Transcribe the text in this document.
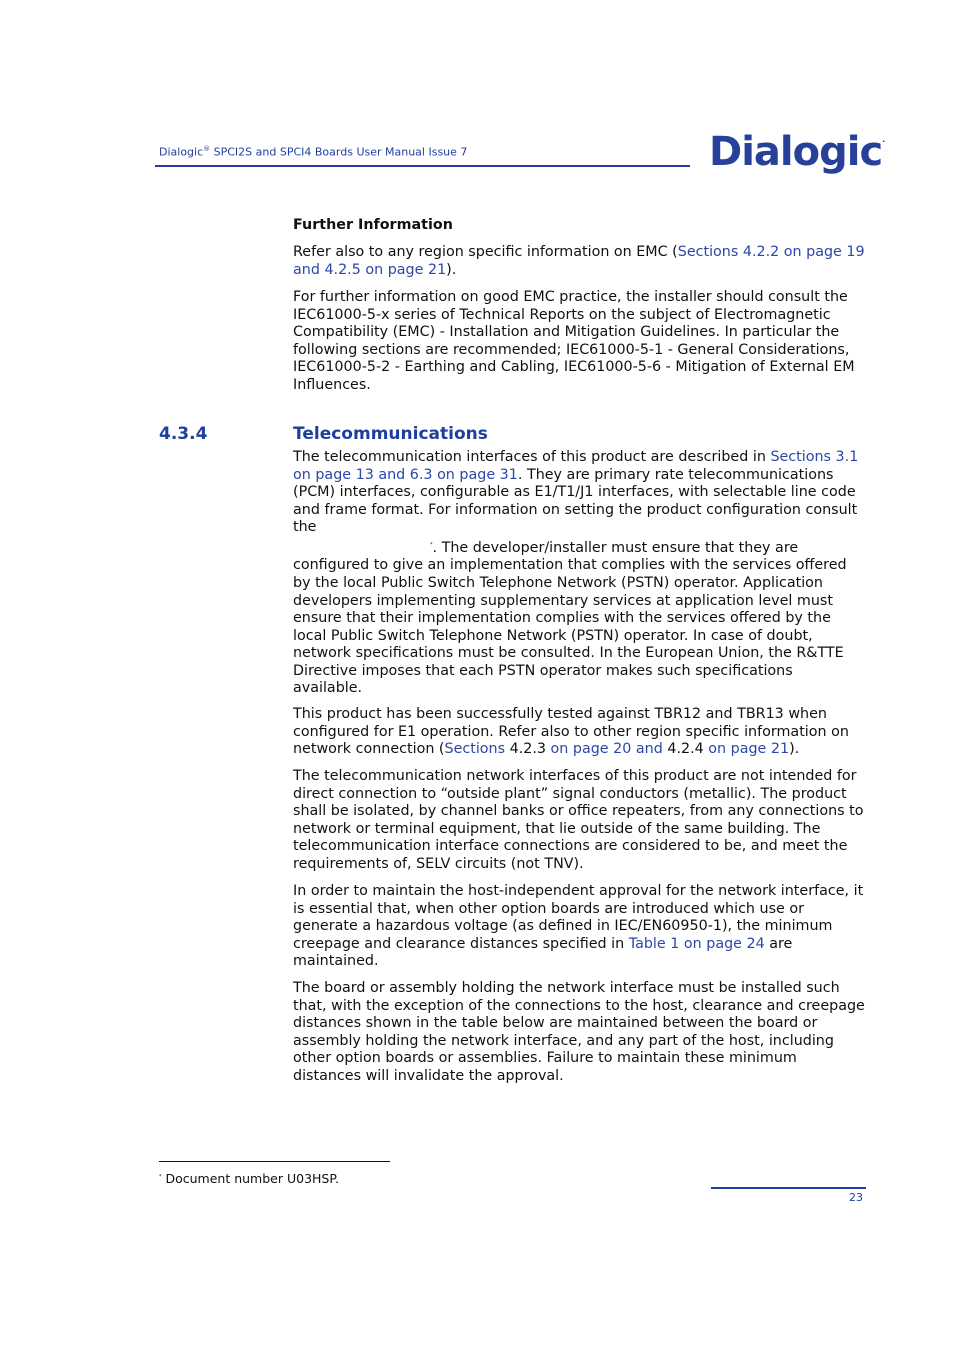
Dialogic® SPCI2S and SPCI4 Boards User Manual Issue 7	Dialogic.
Further Information

Refer also to any region specific information on EMC (Sections 4.2.2 on page 19 and 4.2.5 on page 21).

For further information on good EMC practice, the installer should consult the IEC61000-5-x series of Technical Reports on the subject of Electromagnetic Compatibility (EMC) - Installation and Mitigation Guidelines. In particular the following sections are recommended; IEC61000-5-1 - General Considerations, IEC61000-5-2 - Earthing and Cabling, IEC61000-5-6 - Mitigation of External EM Influences.

4.3.4	Telecommunications

The telecommunication interfaces of this product are described in Sections 3.1 on page 13 and 6.3 on page 31. They are primary rate telecommunications (PCM) interfaces, configurable as E1/T1/J1 interfaces, with selectable line code and frame format. For information on setting the product configuration consult the
*. The developer/installer must ensure that they are configured to give an implementation that complies with the services offered by the local Public Switch Telephone Network (PSTN) operator. Application developers implementing supplementary services at application level must ensure that their implementation complies with the services offered by the local Public Switch Telephone Network (PSTN) operator. In case of doubt, network specifications must be consulted. In the European Union, the R&TTE Directive imposes that each PSTN operator makes such specifications available.

This product has been successfully tested against TBR12 and TBR13 when configured for E1 operation. Refer also to other region specific information on network connection (Sections 4.2.3 on page 20 and 4.2.4 on page 21).

The telecommunication network interfaces of this product are not intended for direct connection to “outside plant” signal conductors (metallic). The product shall be isolated, by channel banks or office repeaters, from any connections to network or terminal equipment, that lie outside of the same building. The telecommunication interface connections are considered to be, and meet the requirements of, SELV circuits (not TNV).

In order to maintain the host-independent approval for the network interface, it is essential that, when other option boards are introduced which use or generate a hazardous voltage (as defined in IEC/EN60950-1), the minimum creepage and clearance distances specified in Table 1 on page 24 are maintained.

The board or assembly holding the network interface must be installed such that, with the exception of the connections to the host, clearance and creepage distances shown in the table below are maintained between the board or assembly holding the network interface, and any part of the host, including other option boards or assemblies. Failure to maintain these minimum distances will invalidate the approval.

* Document number U03HSP.
23
